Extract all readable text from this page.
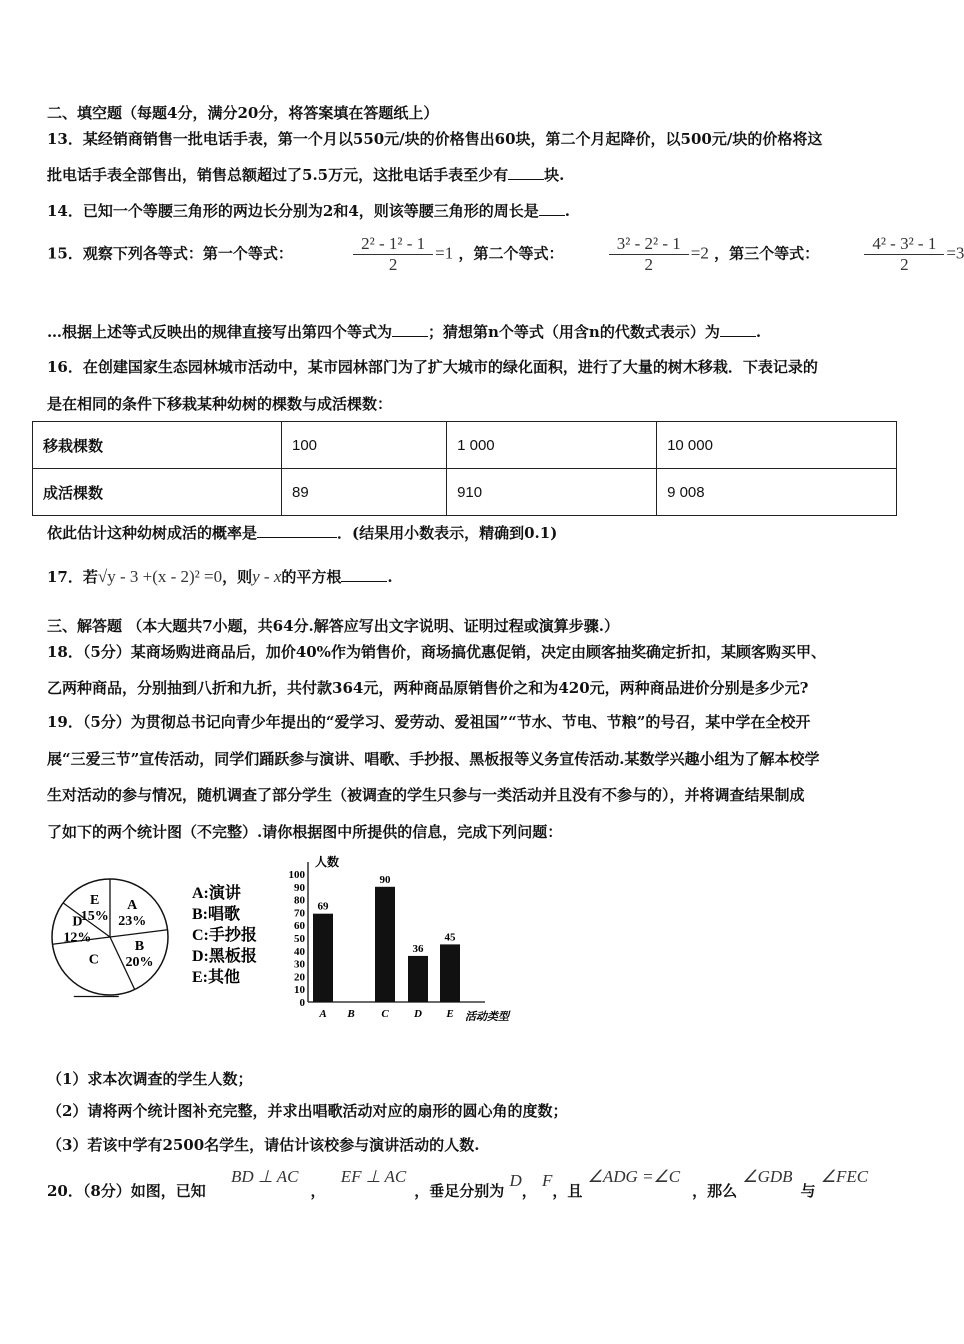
二、填空题（每题4分，满分20分，将答案填在答题纸上）
13．某经销商销售一批电话手表，第一个月以550元/块的价格售出60块，第二个月起降价，以500元/块的价格将这
批电话手表全部售出，销售总额超过了5.5万元，这批电话手表至少有 块.
14．已知一个等腰三角形的两边长分别为2和4，则该等腰三角形的周长是 .
15．观察下列各等式：第一个等式：	$\frac{\text{2² - 1² - 1}}{2} =1$ ，第二个等式：	$\frac{\text{3² - 2² - 1}}{2} =2$ ，第三个等式：	$\frac{\text{4² - 3² - 1}}{2} =3$
…根据上述等式反映出的规律直接写出第四个等式为 ；猜想第n个等式（用含n的代数式表示）为 .
16．在创建国家生态园林城市活动中，某市园林部门为了扩大城市的绿化面积，进行了大量的树木移栽．下表记录的
是在相同的条件下移栽某种幼树的棵数与成活棵数：
移栽棵数	100	1 000	10 000
成活棵数	89	910	9 008
依此估计这种幼树成活的概率是	．(结果用小数表示，精确到0.1)
17．若√y - 3 +(x - 2)² =0，则y - x的平方根	.
三、解答题 （本大题共7小题，共64分.解答应写出文字说明、证明过程或演算步骤.）
18．（5分）某商场购进商品后，加价40%作为销售价，商场搞优惠促销，决定由顾客抽奖确定折扣，某顾客购买甲、
乙两种商品，分别抽到八折和九折，共付款364元，两种商品原销售价之和为420元，两种商品进价分别是多少元?
19．（5分）为贯彻总书记向青少年提出的“爱学习、爱劳动、爱祖国”“节水、节电、节粮”的号召，某中学在全校开
展“三爱三节”宣传活动，同学们踊跃参与演讲、唱歌、手抄报、黑板报等义务宣传活动.某数学兴趣小组为了解本校学
生对活动的参与情况，随机调查了部分学生（被调查的学生只参与一类活动并且没有不参与的），并将调查结果制成
了如下的两个统计图（不完整）.请你根据图中所提供的信息，完成下列问题：
A
23%
B
20%
C
D
12%
E
15%
A:演讲
B:唱歌
C:手抄报
D:黑板报
E:其他
人数
活动类型
0
10
20
30
40
50
60
70
80
90
100
A
69
B C
90
D
36
E
45
（1）求本次调查的学生人数；
（2）请将两个统计图补充完整，并求出唱歌活动对应的扇形的圆心角的度数；
（3）若该中学有2500名学生，请估计该校参与演讲活动的人数.
20．（8分）如图，已知 BD ⊥ AC， EF ⊥ AC，垂足分别为 D， F，且 ∠ADG =∠C，那么 ∠GDB与 ∠FEC
